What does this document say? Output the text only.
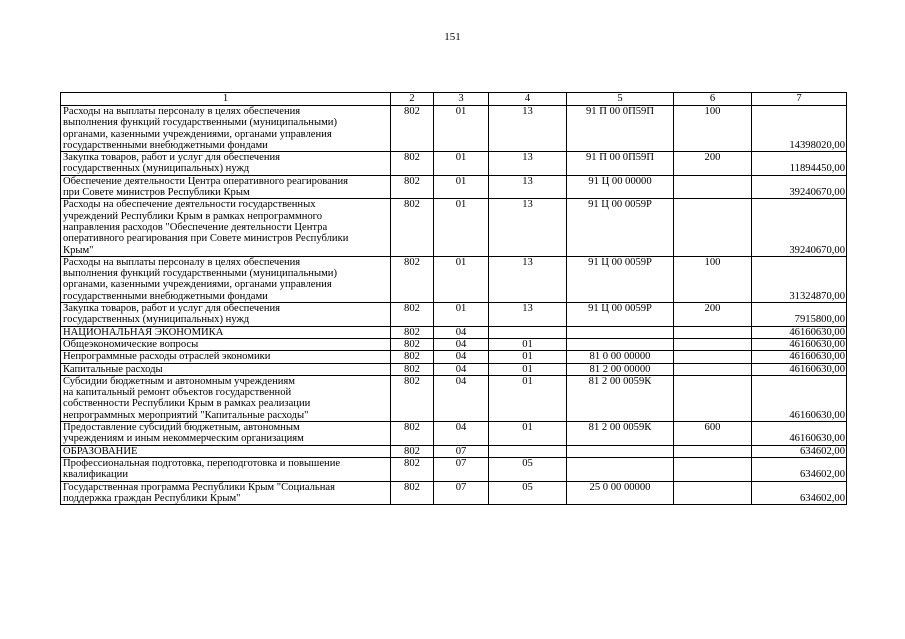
151
1	2	3	4	5	6	7
Расходы на выплаты персоналу в целях обеспечения
выполнения функций государственными (муниципальными)
органами, казенными учреждениями, органами управления
государственными внебюджетными фондами	802	01	13	91 П 00 0П59П	100	14398020,00
Закупка товаров, работ и услуг для обеспечения
государственных (муниципальных) нужд	802	01	13	91 П 00 0П59П	200	11894450,00
Обеспечение деятельности Центра оперативного реагирования
при Совете министров Республики Крым	802	01	13	91 Ц 00 00000		39240670,00
Расходы на обеспечение деятельности государственных
учреждений Республики Крым в рамках непрограммного
направления расходов "Обеспечение деятельности Центра
оперативного реагирования при Совете министров Республики
Крым"	802	01	13	91 Ц 00 0059Р		39240670,00
Расходы на выплаты персоналу в целях обеспечения
выполнения функций государственными (муниципальными)
органами, казенными учреждениями, органами управления
государственными внебюджетными фондами	802	01	13	91 Ц 00 0059Р	100	31324870,00
Закупка товаров, работ и услуг для обеспечения
государственных (муниципальных) нужд	802	01	13	91 Ц 00 0059Р	200	7915800,00
НАЦИОНАЛЬНАЯ ЭКОНОМИКА	802	04				46160630,00
Общеэкономические вопросы	802	04	01			46160630,00
Непрограммные расходы отраслей экономики	802	04	01	81 0 00 00000		46160630,00
Капитальные расходы	802	04	01	81 2 00 00000		46160630,00
Субсидии бюджетным и автономным учреждениям
на капитальный ремонт объектов государственной
собственности Республики Крым в рамках реализации
непрограммных мероприятий "Капитальные расходы"	802	04	01	81 2 00 0059К		46160630,00
Предоставление субсидий бюджетным, автономным
учреждениям и иным некоммерческим организациям	802	04	01	81 2 00 0059К	600	46160630,00
ОБРАЗОВАНИЕ	802	07				634602,00
Профессиональная подготовка, переподготовка и повышение
квалификации	802	07	05			634602,00
Государственная программа Республики Крым "Социальная
поддержка граждан Республики Крым"	802	07	05	25 0 00 00000		634602,00
